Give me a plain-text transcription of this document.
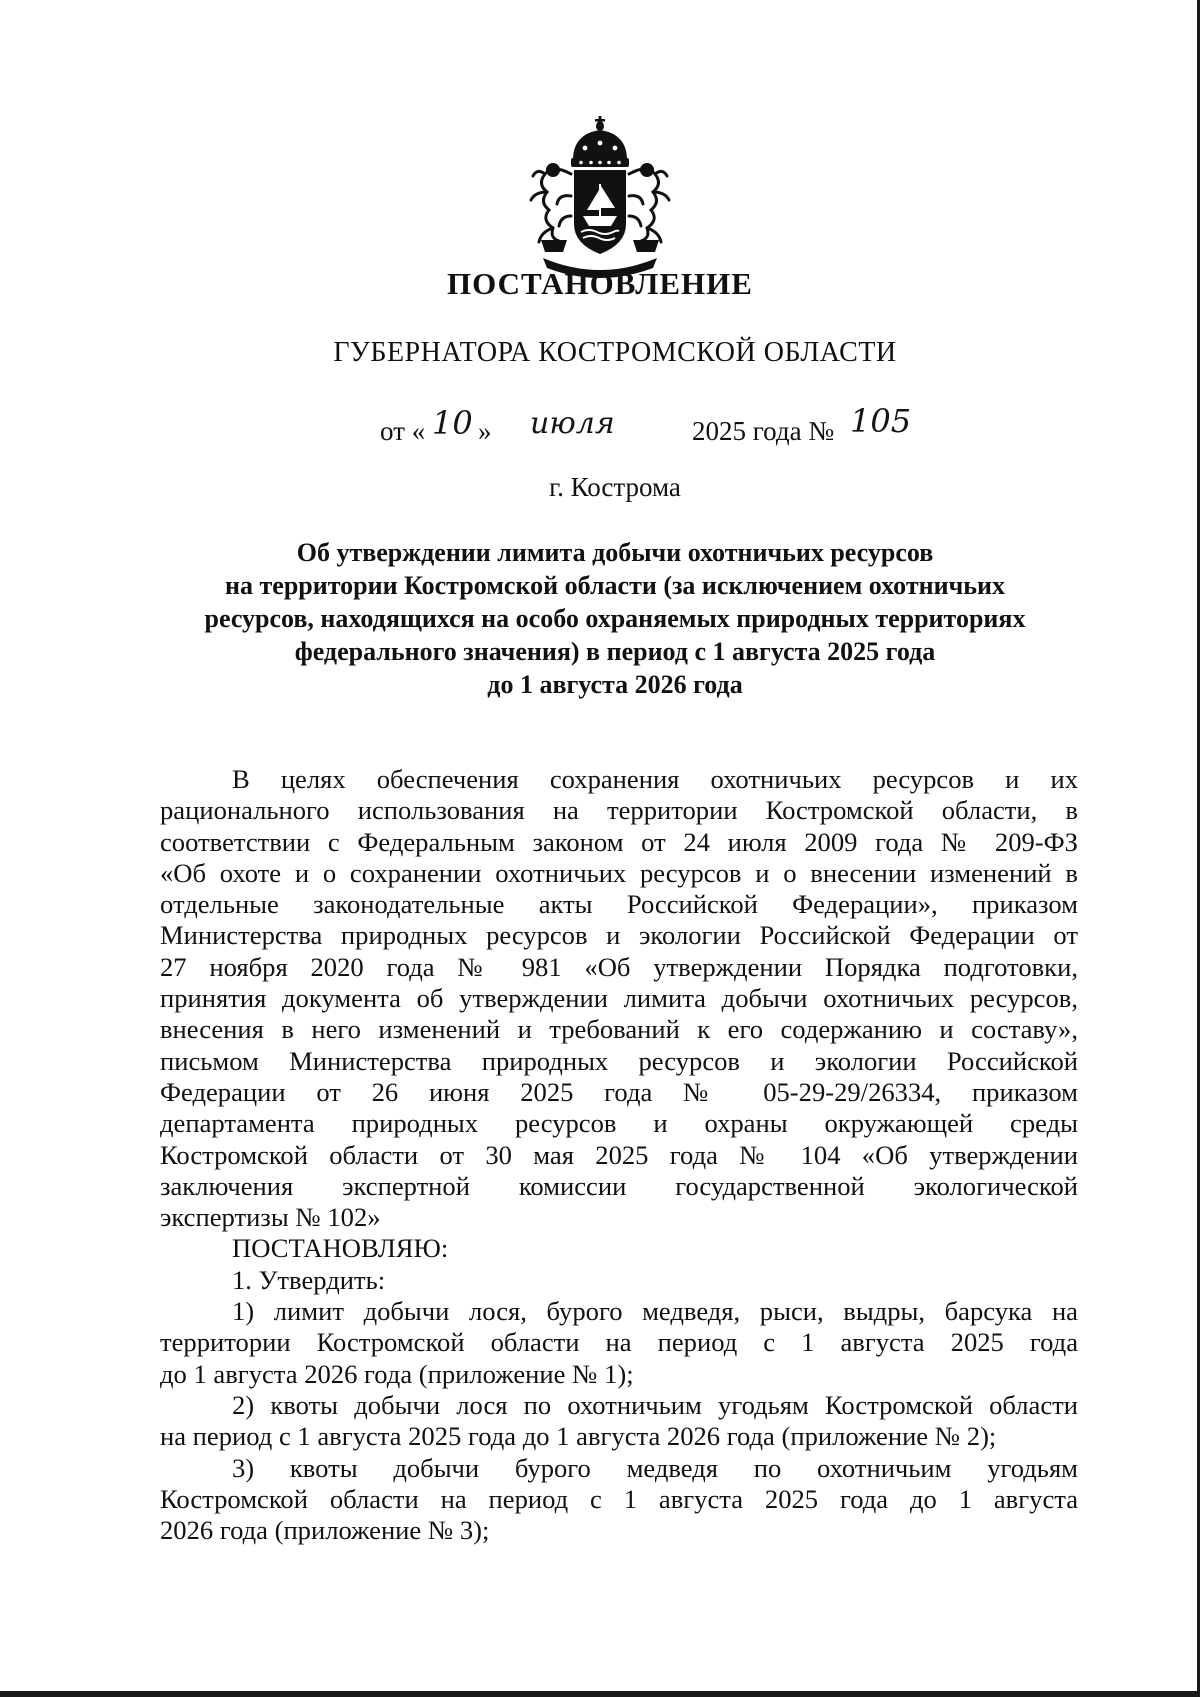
ПОСТАНОВЛЕНИЕ
ГУБЕРНАТОРА КОСТРОМСКОЙ ОБЛАСТИ
от « 10 » июля	2025 года № 105
г. Кострома
Об утверждении лимита добычи охотничьих ресурсов
на территории Костромской области (за исключением охотничьих
ресурсов, находящихся на особо охраняемых природных территориях
федерального значения) в период с 1 августа 2025 года
до 1 августа 2026 года
В целях обеспечения сохранения охотничьих ресурсов и их
рационального использования на территории Костромской области, в
соответствии с Федеральным законом от 24 июля 2009 года № 209-ФЗ
«Об охоте и о сохранении охотничьих ресурсов и о внесении изменений в
отдельные законодательные акты Российской Федерации», приказом
Министерства природных ресурсов и экологии Российской Федерации от
27 ноября 2020 года № 981 «Об утверждении Порядка подготовки,
принятия документа об утверждении лимита добычи охотничьих ресурсов,
внесения в него изменений и требований к его содержанию и составу»,
письмом Министерства природных ресурсов и экологии Российской
Федерации от 26 июня 2025 года № 05-29-29/26334, приказом
департамента природных ресурсов и охраны окружающей среды
Костромской области от 30 мая 2025 года № 104 «Об утверждении
заключения экспертной комиссии государственной экологической
экспертизы № 102»
ПОСТАНОВЛЯЮ:
1. Утвердить:
1) лимит добычи лося, бурого медведя, рыси, выдры, барсука на
территории Костромской области на период с 1 августа 2025 года
до 1 августа 2026 года (приложение № 1);
2) квоты добычи лося по охотничьим угодьям Костромской области
на период с 1 августа 2025 года до 1 августа 2026 года (приложение № 2);
3) квоты добычи бурого медведя по охотничьим угодьям
Костромской области на период с 1 августа 2025 года до 1 августа
2026 года (приложение № 3);
